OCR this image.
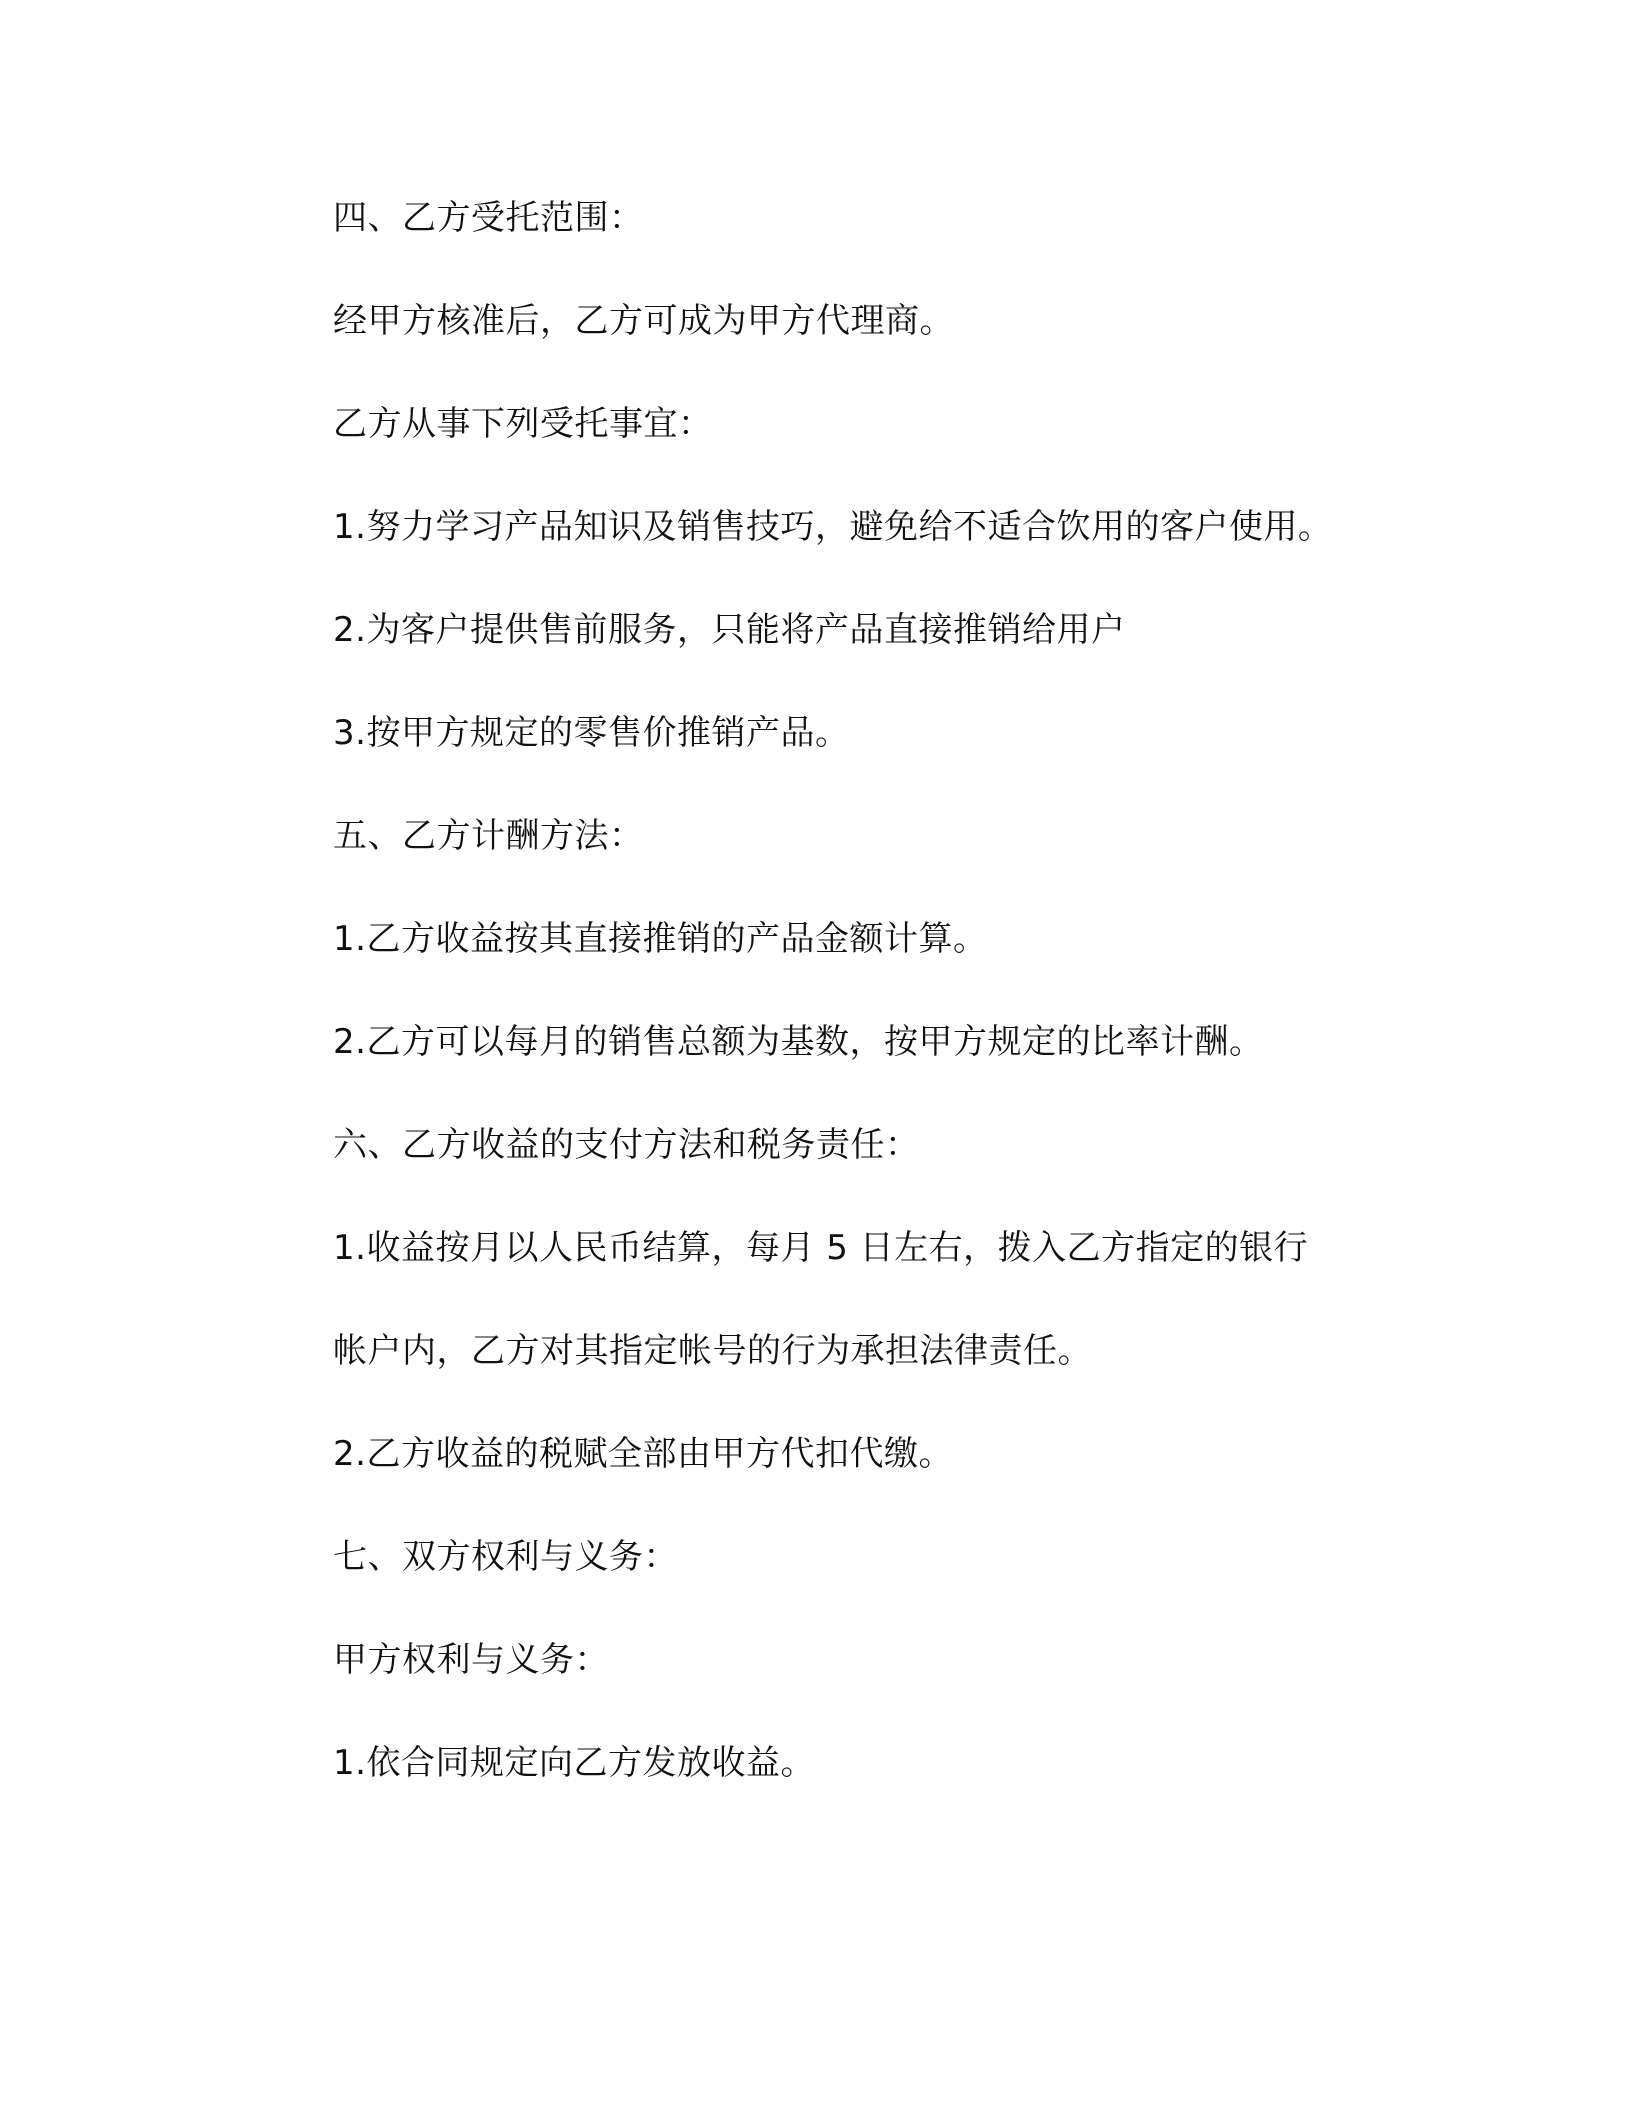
四、乙方受托范围：

经甲方核准后，乙方可成为甲方代理商。

乙方从事下列受托事宜：

1.努力学习产品知识及销售技巧，避免给不适合饮用的客户使用。

2.为客户提供售前服务，只能将产品直接推销给用户

3.按甲方规定的零售价推销产品。

五、乙方计酬方法：

1.乙方收益按其直接推销的产品金额计算。

2.乙方可以每月的销售总额为基数，按甲方规定的比率计酬。

六、乙方收益的支付方法和税务责任：

1.收益按月以人民币结算，每月 5 日左右，拨入乙方指定的银行

帐户内，乙方对其指定帐号的行为承担法律责任。

2.乙方收益的税赋全部由甲方代扣代缴。

七、双方权利与义务：

甲方权利与义务：

1.依合同规定向乙方发放收益。
